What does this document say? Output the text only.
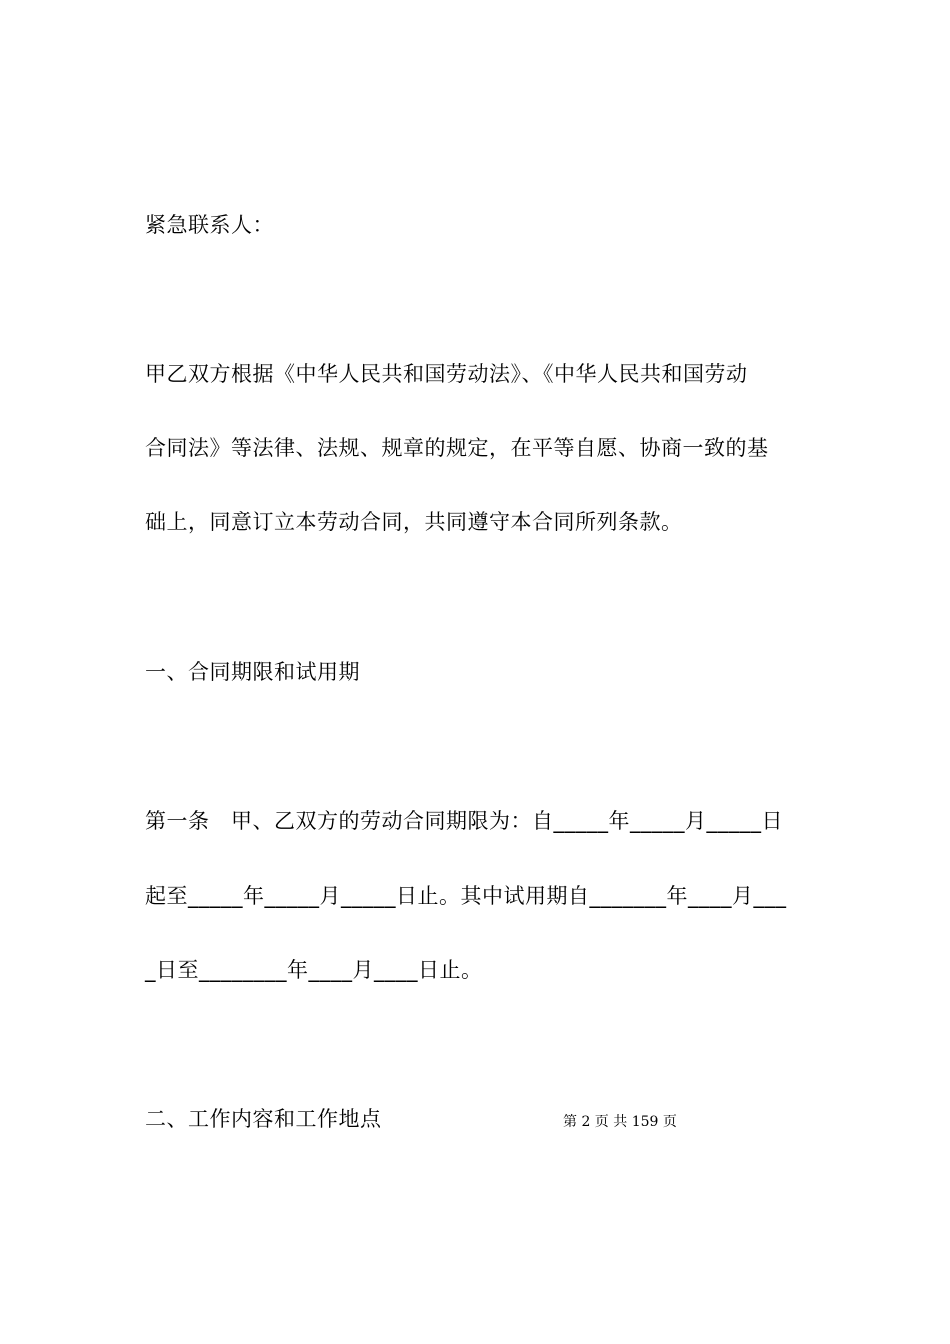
紧急联系人：
甲乙双方根据《中华人民共和国劳动法》、《中华人民共和国劳动
合同法》等法律、法规、规章的规定，在平等自愿、协商一致的基
础上，同意订立本劳动合同，共同遵守本合同所列条款。
一、合同期限和试用期
第一条　甲、乙双方的劳动合同期限为：自_____年_____月_____日
起至_____年_____月_____日止。其中试用期自_______年____月___
_日至________年____月____日止。
二、工作内容和工作地点	第 2 页 共 159 页
